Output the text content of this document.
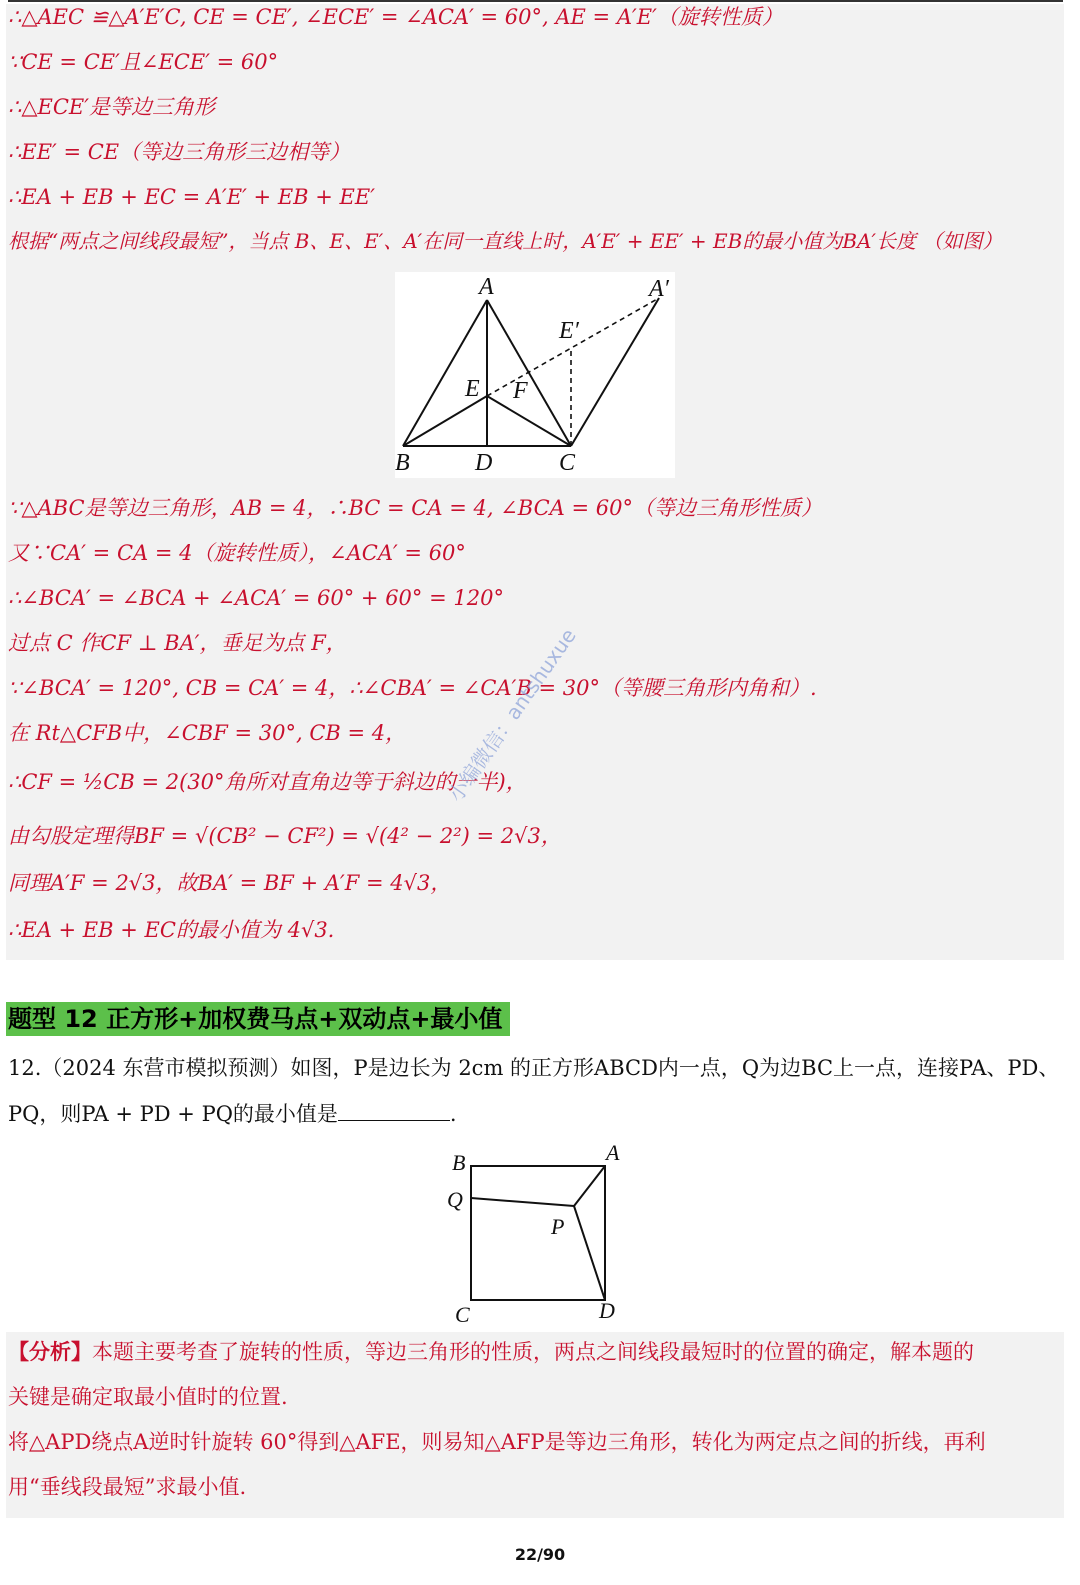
∴△AEC ≌△A′E′C, CE = CE′, ∠ECE′ = ∠ACA′ = 60°, AE = A′E′（旋转性质）
∵CE = CE′且∠ECE′ = 60°
∴△ECE′是等边三角形
∴EE′ = CE（等边三角形三边相等）
∴EA + EB + EC = A′E′ + EB + EE′
根据“两点之间线段最短”，当点 B、E、E′、A′在同一直线上时，A′E′ + EE′ + EB的最小值为BA′长度 （如图）
A	A′
E′
E F
B	D	C
∵△ABC是等边三角形，AB = 4，∴BC = CA = 4, ∠BCA = 60°（等边三角形性质）
又∵CA′ = CA = 4（旋转性质），∠ACA′ = 60°
∴∠BCA′ = ∠BCA + ∠ACA′ = 60° + 60° = 120°
过点 C 作CF ⊥ BA′，垂足为点 F，
∵∠BCA′ = 120°, CB = CA′ = 4，∴∠CBA′ = ∠CA′B = 30°（等腰三角形内角和）.
在 Rt△CFB中，∠CBF = 30°, CB = 4，
∴CF = ½CB = 2(30°角所对直角边等于斜边的一半)，
由勾股定理得BF = √(CB² − CF²) = √(4² − 2²) = 2√3，
同理A′F = 2√3，故BA′ = BF + A′F = 4√3，
∴EA + EB + EC的最小值为 4√3.
小编微信：antshuxue
题型 12 正方形+加权费马点+双动点+最小值
12.（2024 东营市模拟预测）如图，P是边长为 2cm 的正方形ABCD内一点，Q为边BC上一点，连接PA、PD、
PQ，则PA + PD + PQ的最小值是	.
B	A
Q
P
C	D
【分析】本题主要考查了旋转的性质，等边三角形的性质，两点之间线段最短时的位置的确定，解本题的
关键是确定取最小值时的位置.
将△APD绕点A逆时针旋转 60°得到△AFE，则易知△AFP是等边三角形，转化为两定点之间的折线，再利
用“垂线段最短”求最小值.
22/90
